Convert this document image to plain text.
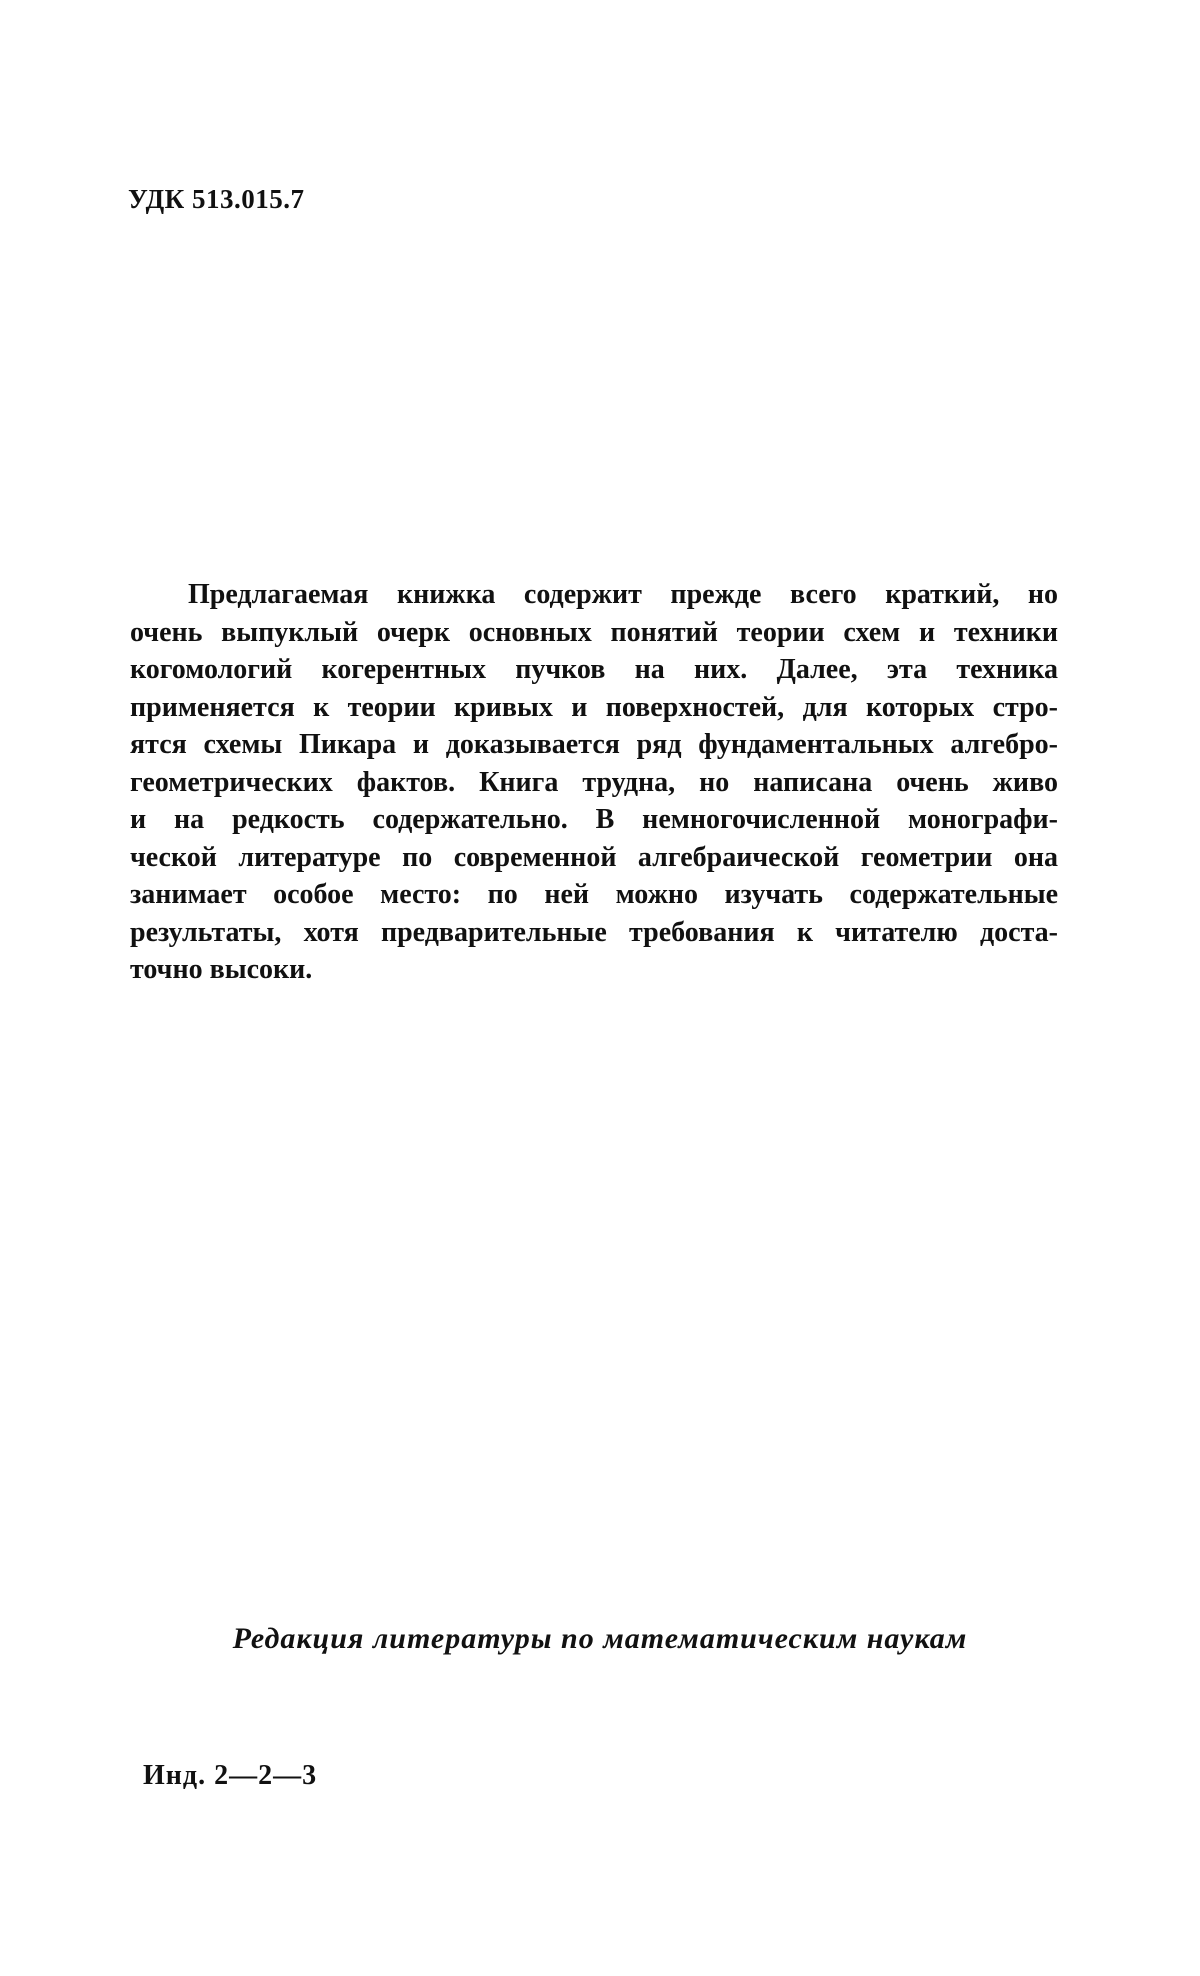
УДК 513.015.7
Предлагаемая книжка содержит прежде всего краткий, но
очень выпуклый очерк основных понятий теории схем и техники
когомологий когерентных пучков на них. Далее, эта техника
применяется к теории кривых и поверхностей, для которых стро-
ятся схемы Пикара и доказывается ряд фундаментальных алгебро-
геометрических фактов. Книга трудна, но написана очень живо
и на редкость содержательно. В немногочисленной монографи-
ческой литературе по современной алгебраической геометрии она
занимает особое место: по ней можно изучать содержательные
результаты, хотя предварительные требования к читателю доста-
точно высоки.
Редакция литературы по математическим наукам
Инд. 2—2—3
